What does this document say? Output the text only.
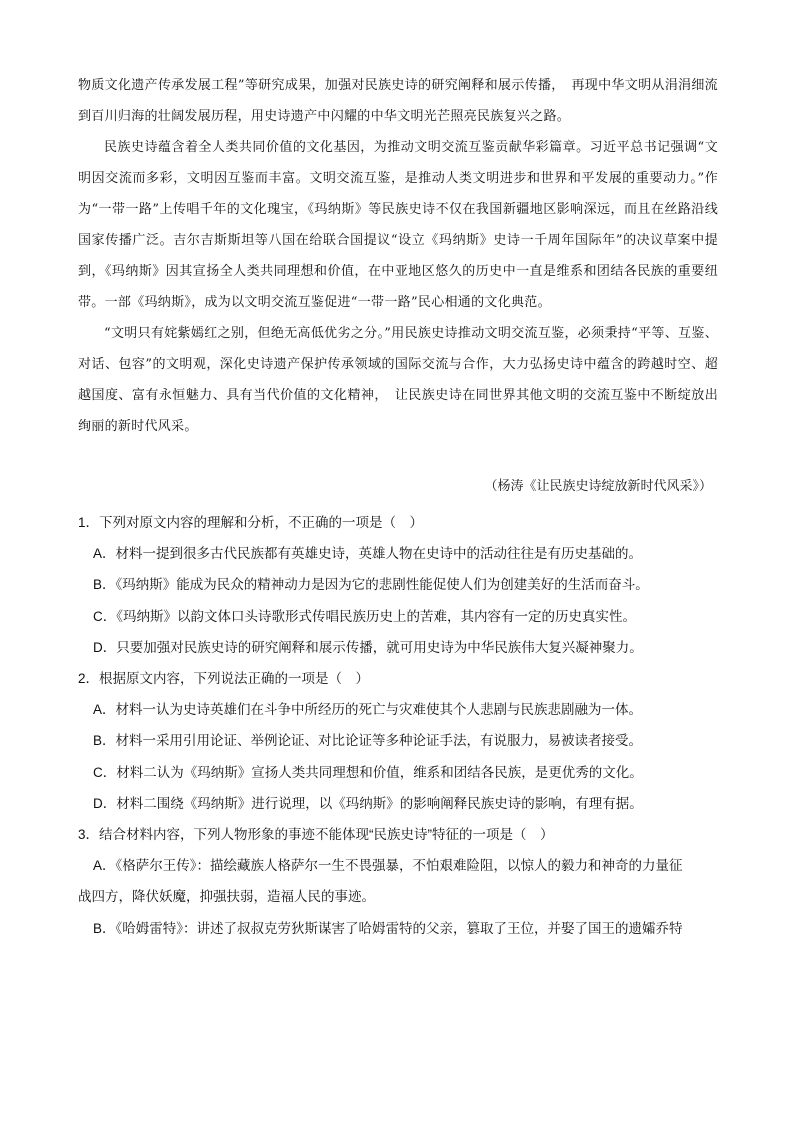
物质文化遗产传承发展工程”等研究成果，加强对民族史诗的研究阐释和展示传播，　再现中华文明从涓涓细流到百川归海的壮阔发展历程，用史诗遗产中闪耀的中华文明光芒照亮民族复兴之路。

民族史诗蕴含着全人类共同价值的文化基因，为推动文明交流互鉴贡献华彩篇章。习近平总书记强调“文明因交流而多彩，文明因互鉴而丰富。文明交流互鉴，是推动人类文明进步和世界和平发展的重要动力。”作为“一带一路”上传唱千年的文化瑰宝，《玛纳斯》等民族史诗不仅在我国新疆地区影响深远，而且在丝路沿线国家传播广泛。吉尔吉斯斯坦等八国在给联合国提议“设立《玛纳斯》史诗一千周年国际年”的决议草案中提到，《玛纳斯》因其宣扬全人类共同理想和价值，在中亚地区悠久的历史中一直是维系和团结各民族的重要纽带。一部《玛纳斯》，成为以文明交流互鉴促进“一带一路”民心相通的文化典范。

“文明只有姹紫嫣红之别，但绝无高低优劣之分。”用民族史诗推动文明交流互鉴，必须秉持“平等、互鉴、对话、包容”的文明观，深化史诗遗产保护传承领域的国际交流与合作，大力弘扬史诗中蕴含的跨越时空、超越国度、富有永恒魅力、具有当代价值的文化精神，　让民族史诗在同世界其他文明的交流互鉴中不断绽放出绚丽的新时代风采。

（杨涛《让民族史诗绽放新时代风采》）

1．下列对原文内容的理解和分析，不正确的一项是（　）

A．材料一提到很多古代民族都有英雄史诗，英雄人物在史诗中的活动往往是有历史基础的。

B．《玛纳斯》能成为民众的精神动力是因为它的悲剧性能促使人们为创建美好的生活而奋斗。

C．《玛纳斯》以韵文体口头诗歌形式传唱民族历史上的苦难，其内容有一定的历史真实性。

D．只要加强对民族史诗的研究阐释和展示传播，就可用史诗为中华民族伟大复兴凝神聚力。

2．根据原文内容，下列说法正确的一项是（　）

A．材料一认为史诗英雄们在斗争中所经历的死亡与灾难使其个人悲剧与民族悲剧融为一体。

B．材料一采用引用论证、举例论证、对比论证等多种论证手法，有说服力，易被读者接受。

C．材料二认为《玛纳斯》宣扬人类共同理想和价值，维系和团结各民族，是更优秀的文化。

D．材料二围绕《玛纳斯》进行说理，以《玛纳斯》的影响阐释民族史诗的影响，有理有据。

3．结合材料内容，下列人物形象的事迹不能体现“民族史诗”特征的一项是（　）

A．《格萨尔王传》：描绘藏族人格萨尔一生不畏强暴，不怕艰难险阻，以惊人的毅力和神奇的力量征
战四方，降伏妖魔，抑强扶弱，造福人民的事迹。

B．《哈姆雷特》：讲述了叔叔克劳狄斯谋害了哈姆雷特的父亲，篡取了王位，并娶了国王的遗孀乔特
